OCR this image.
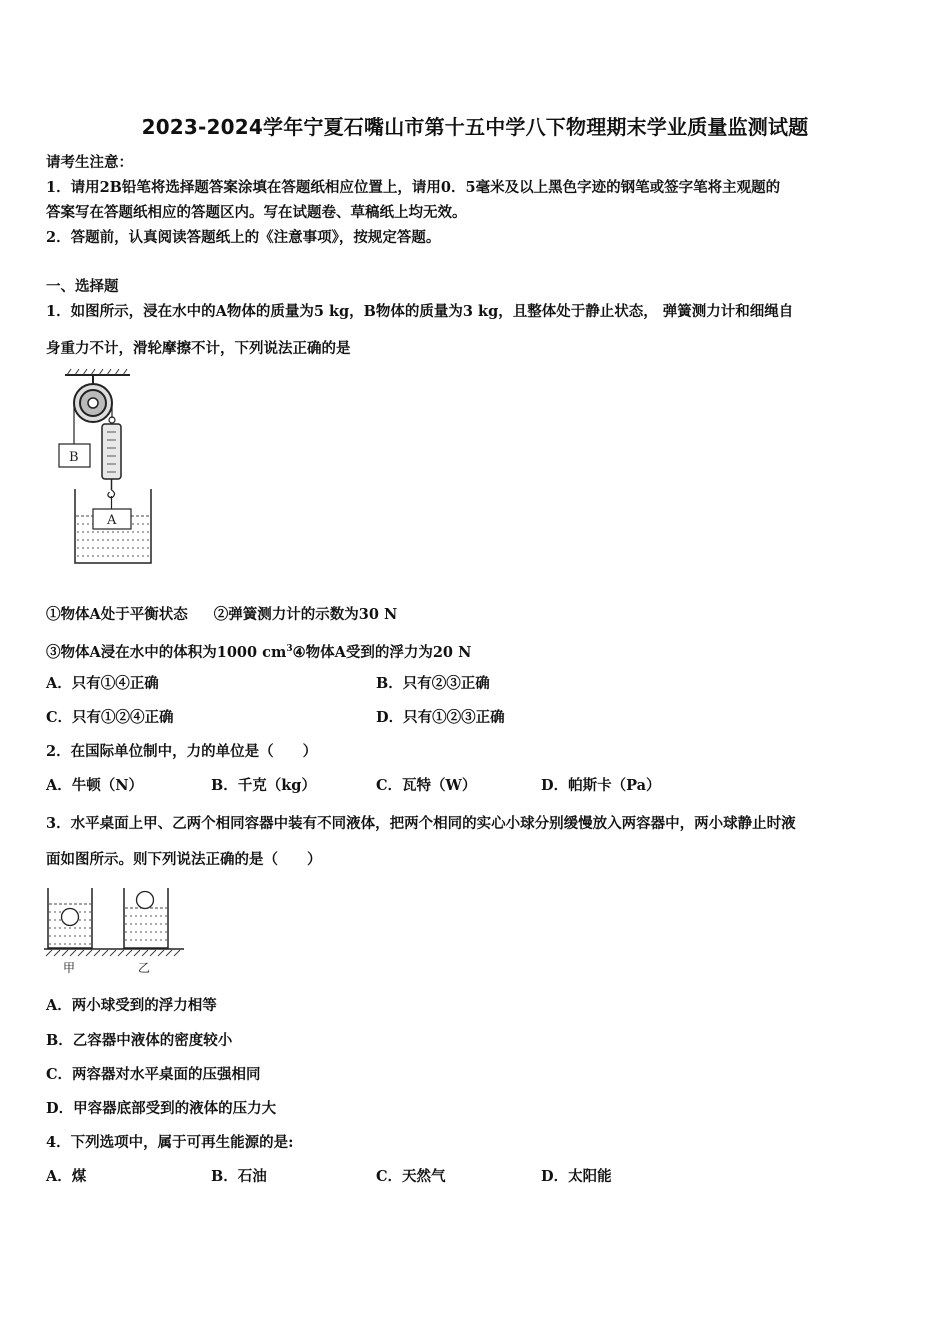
2023-2024学年宁夏石嘴山市第十五中学八下物理期末学业质量监测试题
请考生注意：
1．请用2B铅笔将选择题答案涂填在答题纸相应位置上，请用0．5毫米及以上黑色字迹的钢笔或签字笔将主观题的
答案写在答题纸相应的答题区内。写在试题卷、草稿纸上均无效。
2．答题前，认真阅读答题纸上的《注意事项》，按规定答题。
一、选择题
1．如图所示，浸在水中的A物体的质量为5 kg，B物体的质量为3 kg，且整体处于静止状态， 弹簧测力计和细绳自
身重力不计，滑轮摩擦不计，下列说法正确的是
B
A
①物体A处于平衡状态 ②弹簧测力计的示数为30 N
③物体A浸在水中的体积为1000 $cm^3④$物体A受到的浮力为20 N
A．只有①④正确	B．只有②③正确
C．只有①②④正确	D．只有①②③正确
2．在国际单位制中，力的单位是（　　）
A．牛顿（N）	B．千克（kg）	C．瓦特（W）	D．帕斯卡（Pa）
3．水平桌面上甲、乙两个相同容器中装有不同液体，把两个相同的实心小球分别缓慢放入两容器中，两小球静止时液
面如图所示。则下列说法正确的是（　　）
甲	乙
A．两小球受到的浮力相等
B．乙容器中液体的密度较小
C．两容器对水平桌面的压强相同
D．甲容器底部受到的液体的压力大
4．下列选项中，属于可再生能源的是:
A．煤	B．石油	C．天然气	D．太阳能
